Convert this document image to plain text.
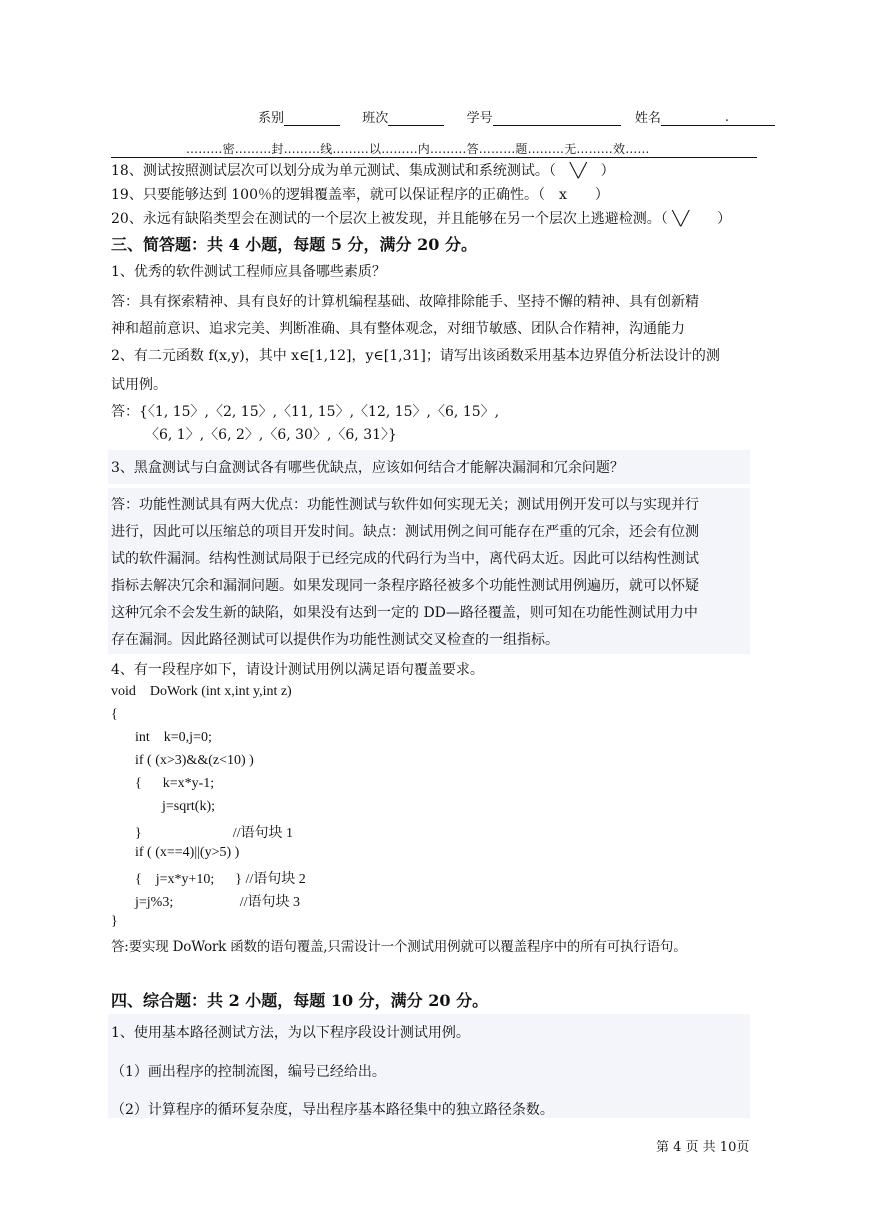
系别	班次	学号	姓名	.
………密………封………线………以………内………答………题………无………效……
18、测试按照测试层次可以划分成为单元测试、集成测试和系统测试。（　╲╱　）
19、只要能够达到 100％的逻辑覆盖率，就可以保证程序的正确性。（　x　　）
20、永远有缺陷类型会在测试的一个层次上被发现，并且能够在另一个层次上逃避检测。（ ╲╱　　）
三、简答题：共 4 小题，每题 5 分，满分 20 分。
1、优秀的软件测试工程师应具备哪些素质？
答：具有探索精神、具有良好的计算机编程基础、故障排除能手、坚持不懈的精神、具有创新精
神和超前意识、追求完美、判断准确、具有整体观念，对细节敏感、团队合作精神，沟通能力
2、有二元函数 f(x,y)，其中 x∈[1,12]，y∈[1,31]；请写出该函数采用基本边界值分析法设计的测
试用例。
答：{〈1, 15〉,〈2, 15〉,〈11, 15〉,〈12, 15〉,〈6, 15〉,
〈6, 1〉,〈6, 2〉,〈6, 30〉,〈6, 31〉}
3、黑盒测试与白盒测试各有哪些优缺点，应该如何结合才能解决漏洞和冗余问题？
答：功能性测试具有两大优点：功能性测试与软件如何实现无关；测试用例开发可以与实现并行
进行，因此可以压缩总的项目开发时间。缺点：测试用例之间可能存在严重的冗余，还会有位测
试的软件漏洞。结构性测试局限于已经完成的代码行为当中，离代码太近。因此可以结构性测试
指标去解决冗余和漏洞问题。如果发现同一条程序路径被多个功能性测试用例遍历，就可以怀疑
这种冗余不会发生新的缺陷，如果没有达到一定的 DD—路径覆盖，则可知在功能性测试用力中
存在漏洞。因此路径测试可以提供作为功能性测试交叉检查的一组指标。
4、有一段程序如下，请设计测试用例以满足语句覆盖要求。
void    DoWork (int x,int y,int z)
{
int    k=0,j=0;
if ( (x>3)&&(z<10) )
{      k=x*y-1;
j=sqrt(k);
}                          //语句块 1
if ( (x==4)||(y>5) )
{    j=x*y+10;      } //语句块 2
j=j%3;                   //语句块 3
}
答:要实现 DoWork 函数的语句覆盖,只需设计一个测试用例就可以覆盖程序中的所有可执行语句。
四、综合题：共 2 小题，每题 10 分，满分 20 分。
1、使用基本路径测试方法，为以下程序段设计测试用例。
（1）画出程序的控制流图，编号已经给出。
（2）计算程序的循环复杂度，导出程序基本路径集中的独立路径条数。
第 4 页 共 10页
